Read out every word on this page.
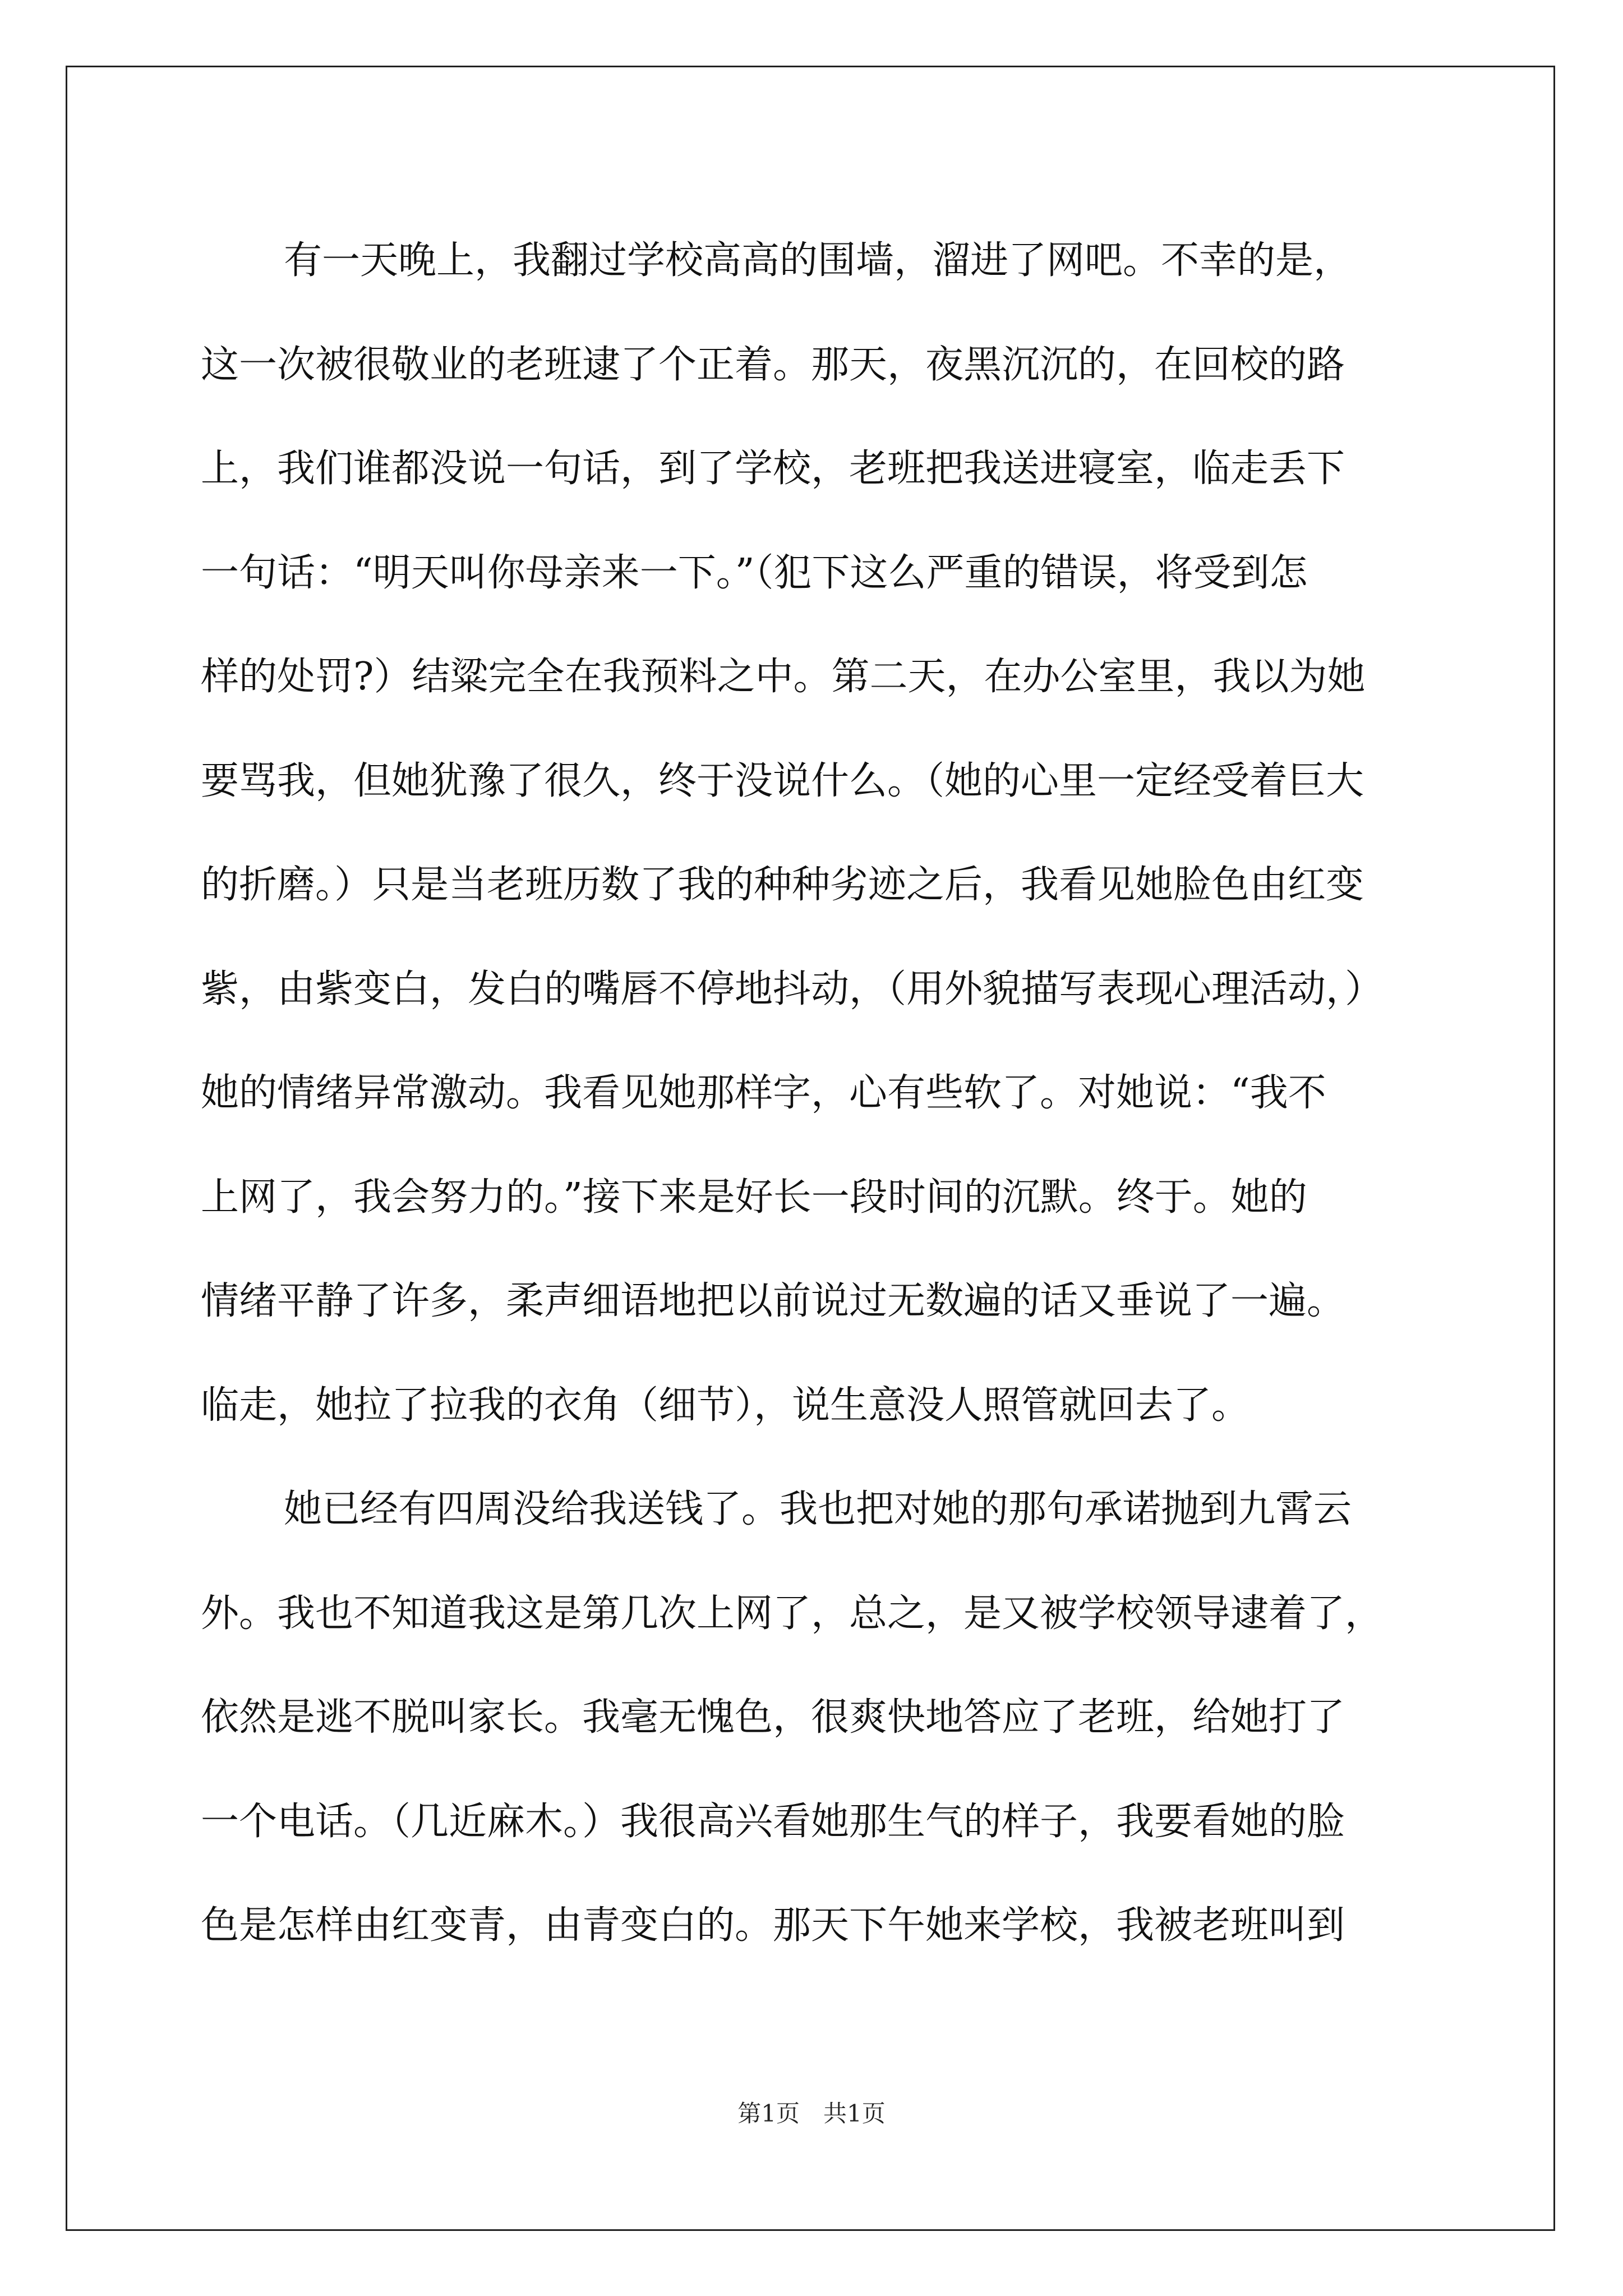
有一天晚上，我翻过学校高高的围墙，溜进了网吧。不幸的是，
这一次被很敬业的老班逮了个正着。那天，夜黑沉沉的，在回校的路
上，我们谁都没说一句话，到了学校，老班把我送进寝室，临走丢下
一句话：“明天叫你母亲来一下。”（犯下这么严重的错误，将受到怎
样的处罚?）结粱完全在我预料之中。第二天，在办公室里，我以为她
要骂我，但她犹豫了很久，终于没说什么。（她的心里一定经受着巨大
的折磨。）只是当老班历数了我的种种劣迹之后，我看见她脸色由红变
紫，由紫变白，发白的嘴唇不停地抖动，（用外貌描写表现心理活动，）
她的情绪异常激动。我看见她那样字，心有些软了。对她说：“我不
上网了，我会努力的。”接下来是好长一段时间的沉默。终于。她的
情绪平静了许多，柔声细语地把以前说过无数遍的话又垂说了一遍。
临走，她拉了拉我的衣角（细节），说生意没人照管就回去了。
她已经有四周没给我送钱了。我也把对她的那句承诺抛到九霄云
外。我也不知道我这是第几次上网了，总之，是又被学校领导逮着了，
依然是逃不脱叫家长。我毫无愧色，很爽快地答应了老班，给她打了
一个电话。（几近麻木。）我很高兴看她那生气的样子，我要看她的脸
色是怎样由红变青，由青变白的。那天下午她来学校，我被老班叫到
第1页　共1页
